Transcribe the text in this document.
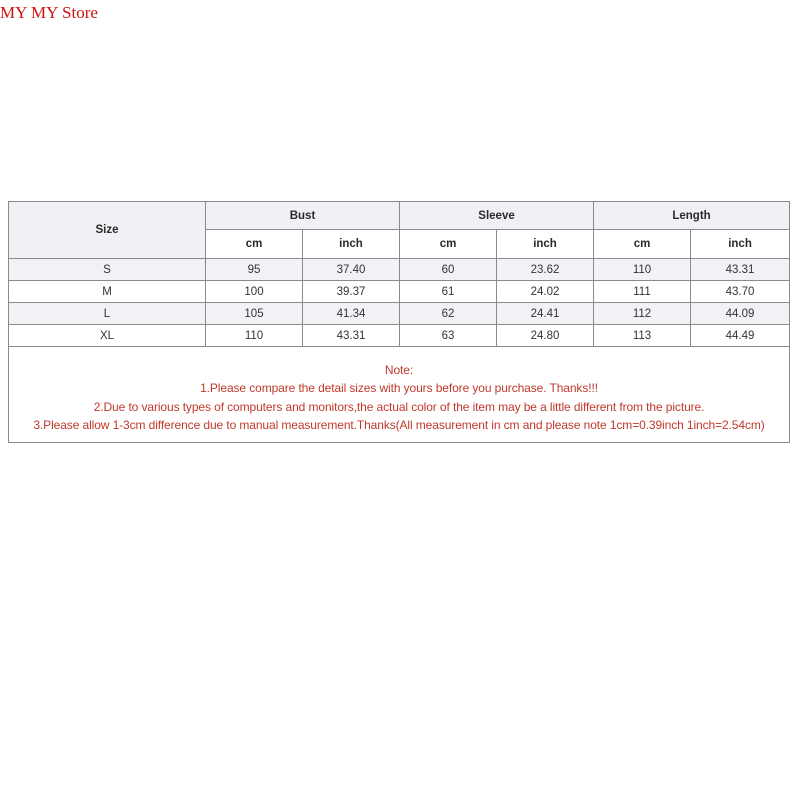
MY MY Store
Size	Bust		Sleeve		Length	
	cm	inch	cm	inch	cm	inch
S	95	37.40	60	23.62	110	43.31
M	100	39.37	61	24.02	111	43.70
L	105	41.34	62	24.41	112	44.09
XL	110	43.31	63	24.80	113	44.49

Note:
1.Please compare the detail sizes with yours before you purchase. Thanks!!!
2.Due to various types of computers and monitors,the actual color of the item may be a little different from the picture.
3.Please allow 1-3cm difference due to manual measurement.Thanks(All measurement in cm and please note 1cm=0.39inch 1inch=2.54cm)						
